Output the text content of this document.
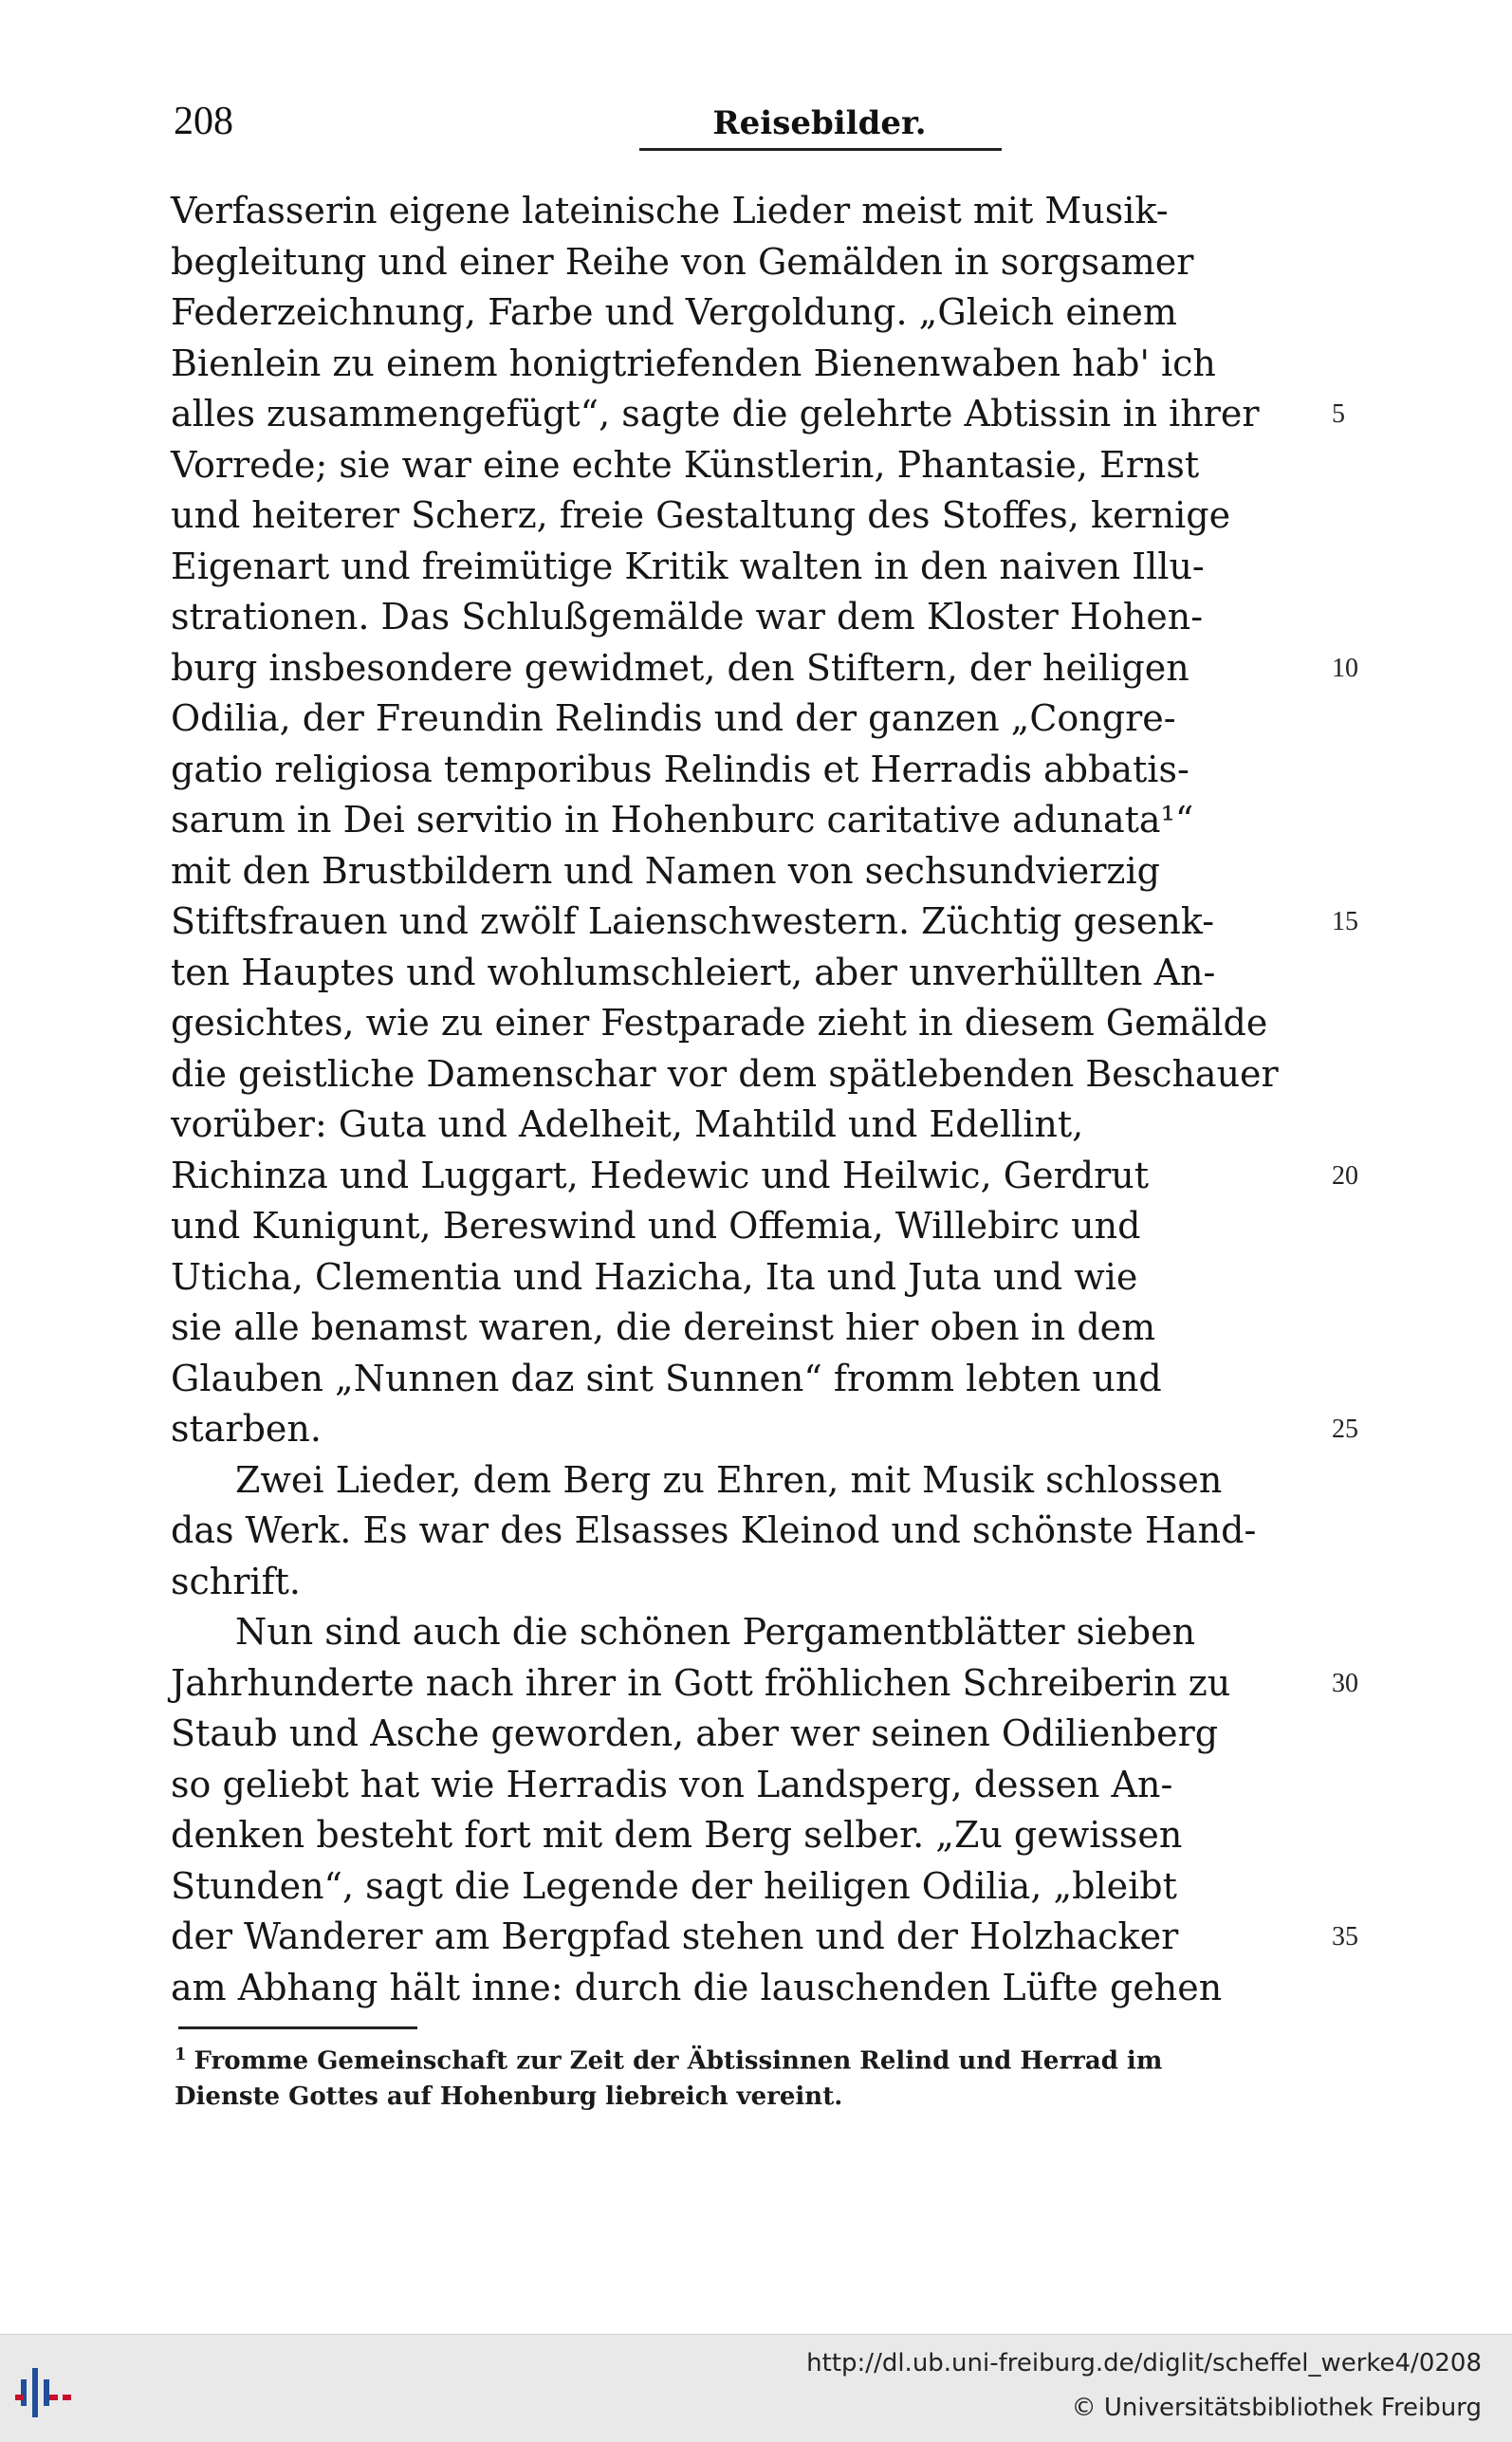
208	Reisebilder.
Verfasserin eigene lateinische Lieder meist mit Musik-
begleitung und einer Reihe von Gemälden in sorgsamer
Federzeichnung, Farbe und Vergoldung. „Gleich einem
Bienlein zu einem honigtriefenden Bienenwaben hab' ich
alles zusammengefügt“, sagte die gelehrte Abtissin in ihrer	5
Vorrede; sie war eine echte Künstlerin, Phantasie, Ernst
und heiterer Scherz, freie Gestaltung des Stoffes, kernige
Eigenart und freimütige Kritik walten in den naiven Illu-
strationen. Das Schlußgemälde war dem Kloster Hohen-
burg insbesondere gewidmet, den Stiftern, der heiligen	10
Odilia, der Freundin Relindis und der ganzen „Congre-
gatio religiosa temporibus Relindis et Herradis abbatis-
sarum in Dei servitio in Hohenburc caritative adunata¹“
mit den Brustbildern und Namen von sechsundvierzig
Stiftsfrauen und zwölf Laienschwestern. Züchtig gesenk-	15
ten Hauptes und wohlumschleiert, aber unverhüllten An-
gesichtes, wie zu einer Festparade zieht in diesem Gemälde
die geistliche Damenschar vor dem spätlebenden Beschauer
vorüber: Guta und Adelheit, Mahtild und Edellint,
Richinza und Luggart, Hedewic und Heilwic, Gerdrut	20
und Kunigunt, Bereswind und Offemia, Willebirc und
Uticha, Clementia und Hazicha, Ita und Juta und wie
sie alle benamst waren, die dereinst hier oben in dem
Glauben „Nunnen daz sint Sunnen“ fromm lebten und
starben.	25
Zwei Lieder, dem Berg zu Ehren, mit Musik schlossen
das Werk. Es war des Elsasses Kleinod und schönste Hand-
schrift.
Nun sind auch die schönen Pergamentblätter sieben
Jahrhunderte nach ihrer in Gott fröhlichen Schreiberin zu	30
Staub und Asche geworden, aber wer seinen Odilienberg
so geliebt hat wie Herradis von Landsperg, dessen An-
denken besteht fort mit dem Berg selber. „Zu gewissen
Stunden“, sagt die Legende der heiligen Odilia, „bleibt
der Wanderer am Bergpfad stehen und der Holzhacker	35
am Abhang hält inne: durch die lauschenden Lüfte gehen
$^1$ Fromme Gemeinschaft zur Zeit der Äbtissinnen Relind und Herrad im
Dienste Gottes auf Hohenburg liebreich vereint.
http://dl.ub.uni-freiburg.de/diglit/scheffel_werke4/0208
© Universitätsbibliothek Freiburg
